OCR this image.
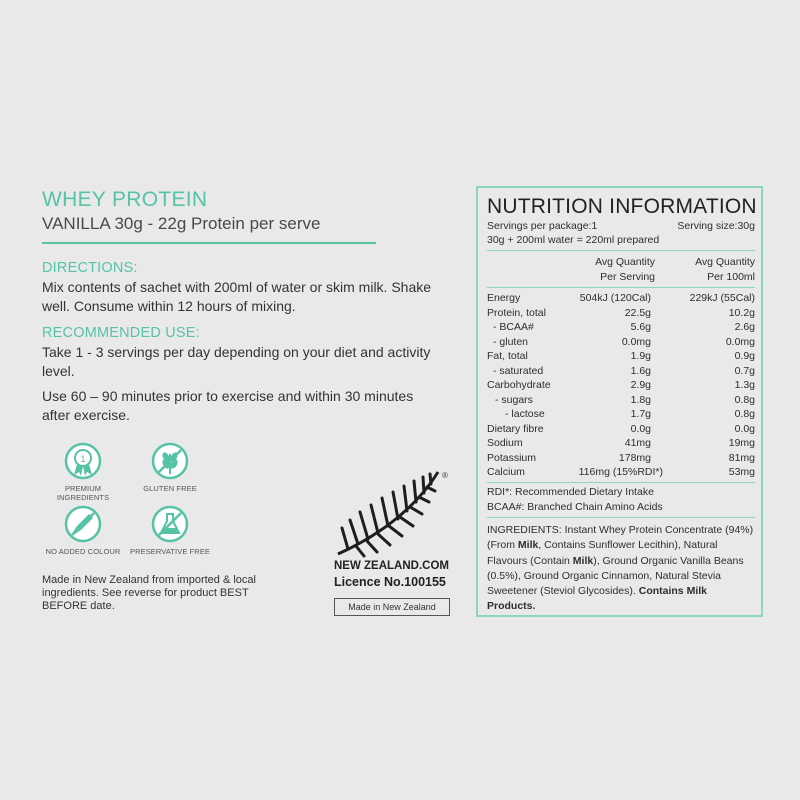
WHEY PROTEIN
VANILLA 30g - 22g Protein per serve
DIRECTIONS:
Mix contents of sachet with 200ml of water or skim milk. Shake well. Consume within 12 hours of mixing.
RECOMMENDED USE:
Take 1 - 3 servings per day depending on your diet and activity level.
Use 60 – 90 minutes prior to exercise and within 30 minutes after exercise.
1
PREMIUM INGREDIENTS
GLUTEN FREE
NO ADDED COLOUR	PRESERVATIVE FREE
Made in New Zealand from imported & local ingredients. See reverse for product BEST BEFORE date.
®
NEW ZEALAND.COM
Licence No.100155
Made in New Zealand
NUTRITION INFORMATION
Servings per package:1	Serving size:30g
30g + 200ml water = 220ml prepared
Avg Quantity
Per Serving
Avg Quantity
Per 100ml
Energy	504kJ (120Cal)	229kJ (55Cal)
Protein, total	22.5g	10.2g
- BCAA#	5.6g	2.6g
- gluten	0.0mg	0.0mg
Fat, total	1.9g	0.9g
- saturated	1.6g	0.7g
Carbohydrate	2.9g	1.3g
- sugars	1.8g	0.8g
- lactose	1.7g	0.8g
Dietary fibre	0.0g	0.0g
Sodium	41mg	19mg
Potassium	178mg	81mg
Calcium	116mg (15%RDI*)	53mg
RDI*: Recommended Dietary Intake
BCAA#: Branched Chain Amino Acids
INGREDIENTS: Instant Whey Protein Concentrate (94%) (From Milk, Contains Sunflower Lecithin), Natural Flavours (Contain Milk), Ground Organic Vanilla Beans (0.5%), Ground Organic Cinnamon, Natural Stevia Sweetener (Steviol Glycosides). Contains Milk Products.
